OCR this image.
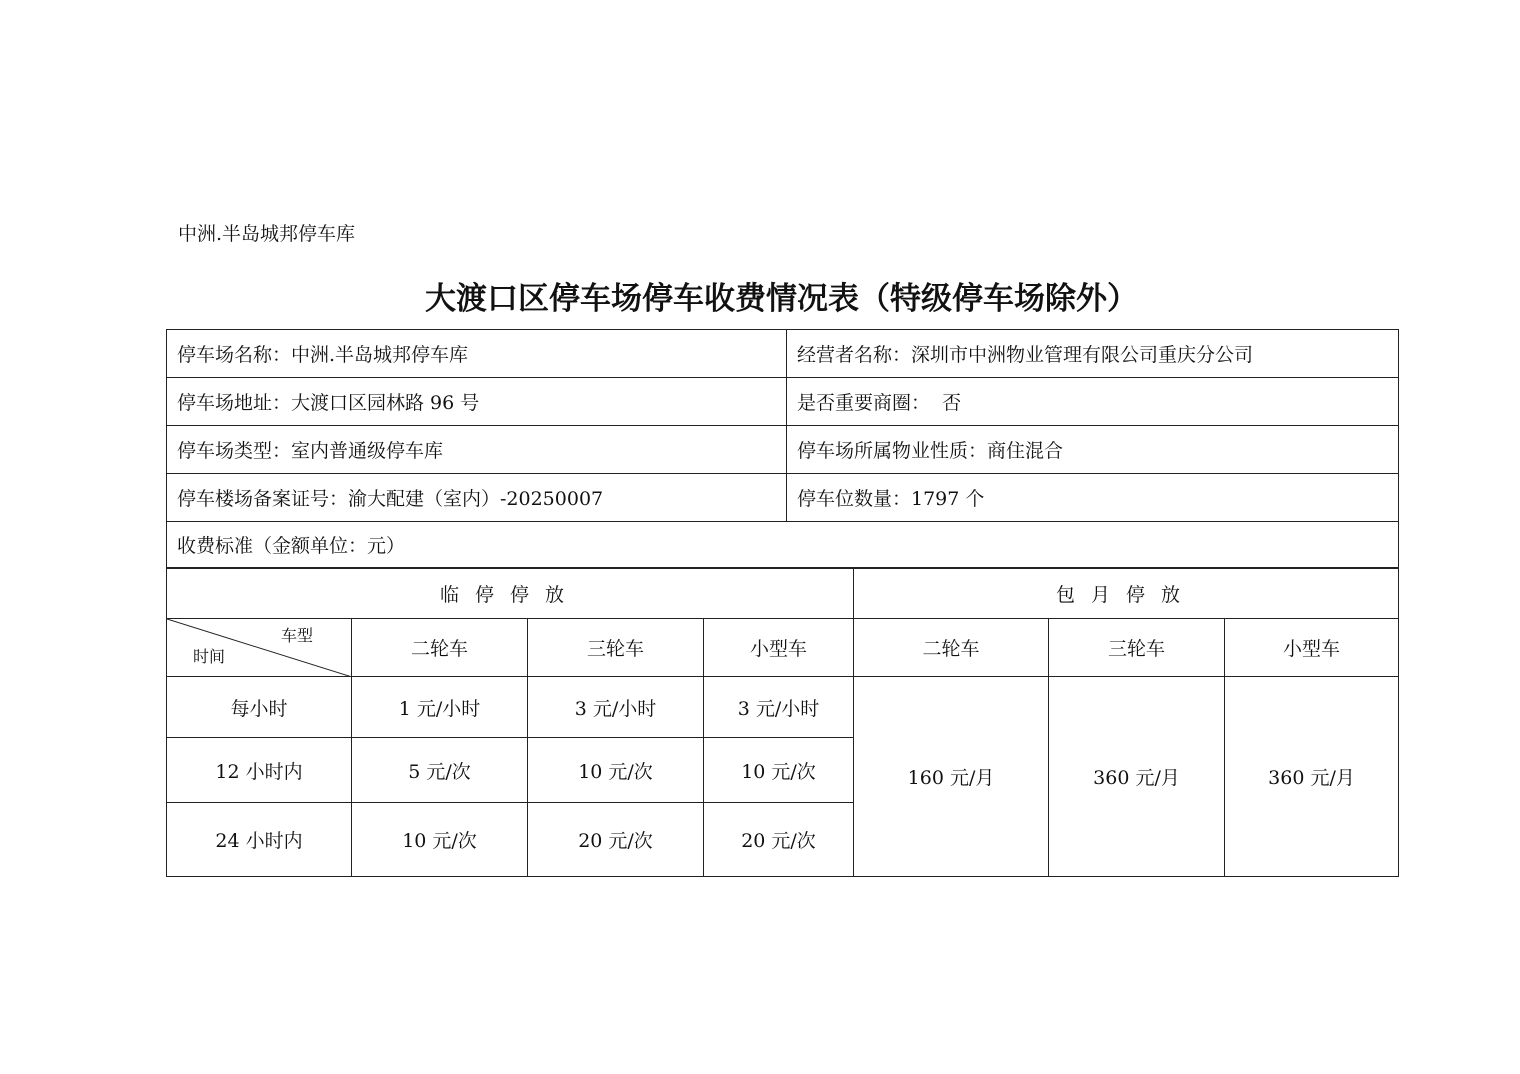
中洲.半岛城邦停车库
大渡口区停车场停车收费情况表（特级停车场除外）
停车场名称：中洲.半岛城邦停车库	经营者名称：深圳市中洲物业管理有限公司重庆分公司
停车场地址：大渡口区园林路 96 号	是否重要商圈：  否
停车场类型：室内普通级停车库	停车场所属物业性质：商住混合
停车楼场备案证号：渝大配建（室内）-20250007	停车位数量：1797 个
收费标准（金额单位：元）	
临停停放				包月停放		

车型
时间	二轮车	三轮车	小型车	二轮车	三轮车	小型车
每小时	1 元/小时	3 元/小时	3 元/小时	160 元/月	360 元/月	360 元/月
12 小时内	5 元/次	10 元/次	10 元/次			
24 小时内	10 元/次	20 元/次	20 元/次			
